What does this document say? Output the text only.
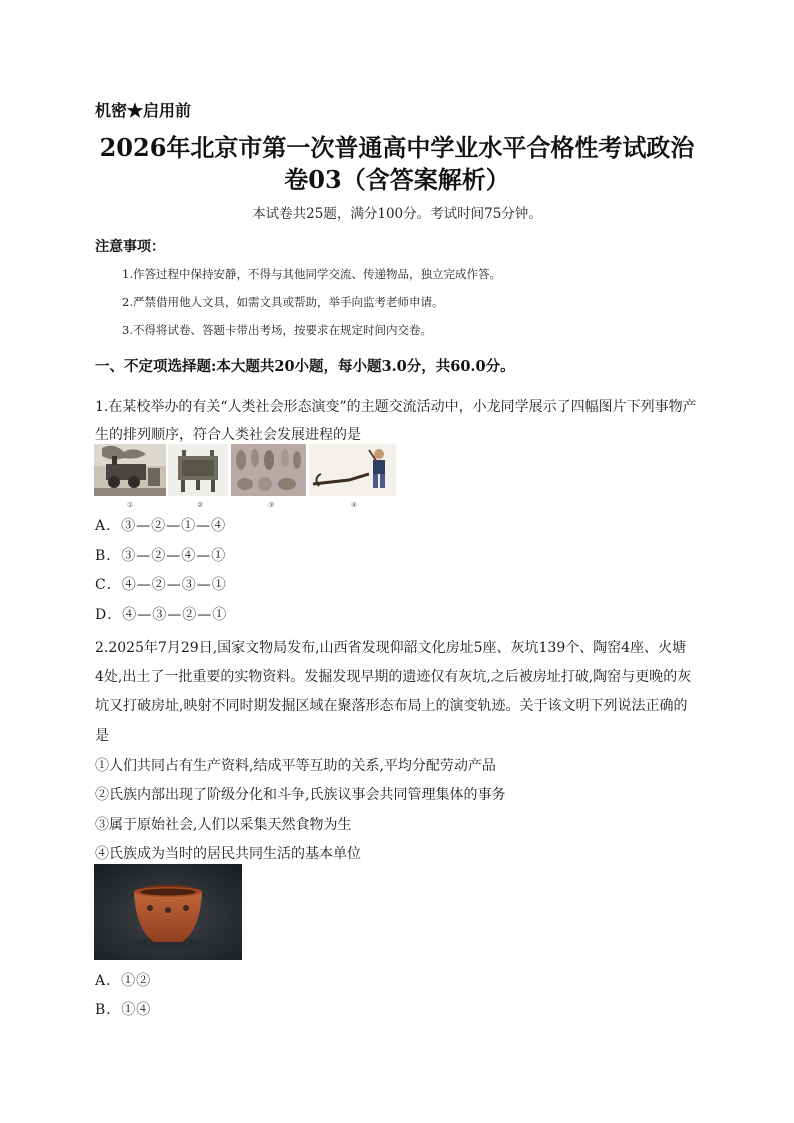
机密★启用前
2026年北京市第一次普通高中学业水平合格性考试政治
卷03（含答案解析）
本试卷共25题，满分100分。考试时间75分钟。
注意事项：
1.作答过程中保持安静，不得与其他同学交流、传递物品，独立完成作答。
2.严禁借用他人文具，如需文具或帮助，举手向监考老师申请。
3.不得将试卷、答题卡带出考场，按要求在规定时间内交卷。
一、不定项选择题:本大题共20小题，每小题3.0分，共60.0分。
1.在某校举办的有关“人类社会形态演变”的主题交流活动中，小龙同学展示了四幅图片下列事物产
生的排列顺序，符合人类社会发展进程的是
①	②	③	④
A．③—②—①—④
B．③—②—④—①
C．④—②—③—①
D．④—③—②—①
2.2025年7月29日,国家文物局发布,山西省发现仰韶文化房址5座、灰坑139个、陶窑4座、火塘
4处,出土了一批重要的实物资料。发掘发现早期的遗迹仅有灰坑,之后被房址打破,陶窑与更晚的灰
坑又打破房址,映射不同时期发掘区域在聚落形态布局上的演变轨迹。关于该文明下列说法正确的
是
①人们共同占有生产资料,结成平等互助的关系,平均分配劳动产品
②氏族内部出现了阶级分化和斗争,氏族议事会共同管理集体的事务
③属于原始社会,人们以采集天然食物为生
④氏族成为当时的居民共同生活的基本单位
A．①②
B．①④
